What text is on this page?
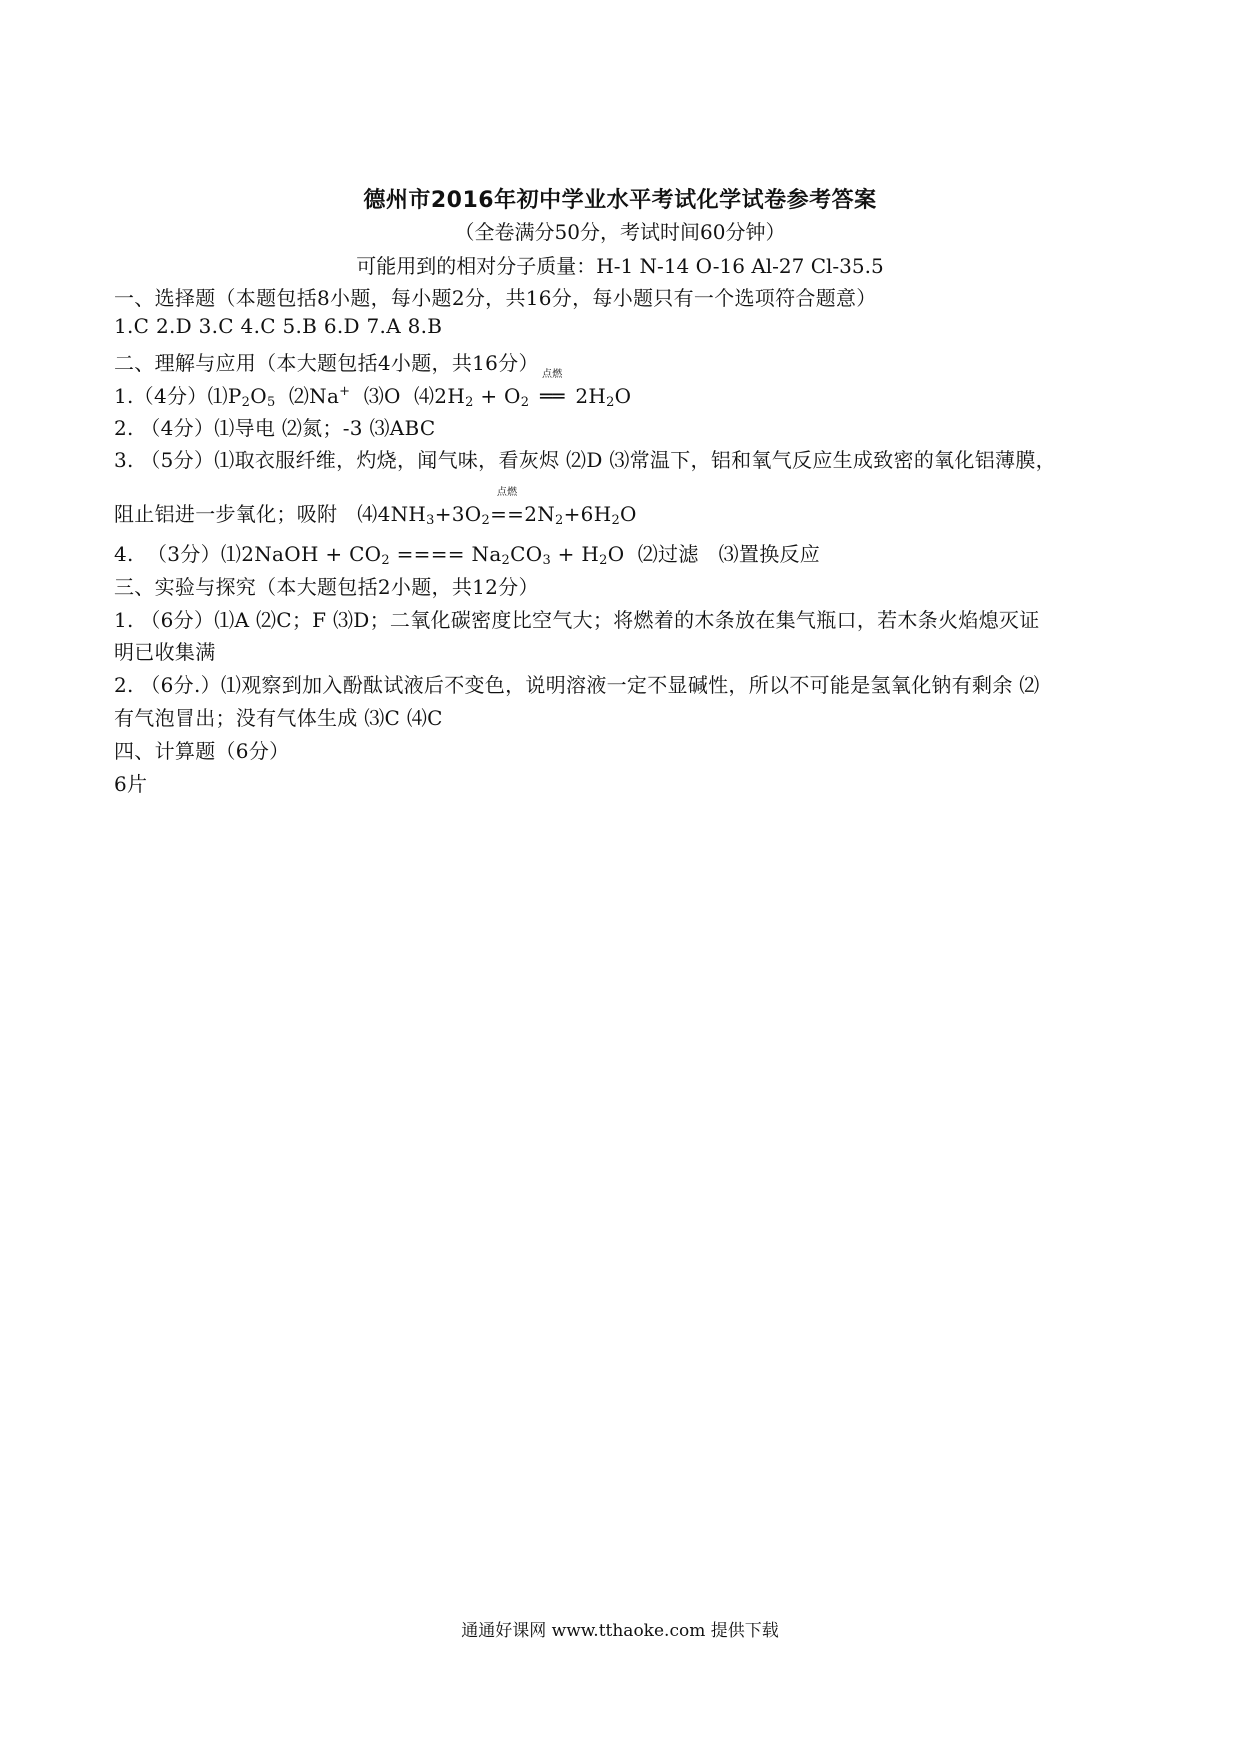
德州市2016年初中学业水平考试化学试卷参考答案
（全卷满分50分，考试时间60分钟）
可能用到的相对分子质量：H-1 N-14 O-16 Al-27 Cl-35.5
一、选择题（本题包括8小题，每小题2分，共16分，每小题只有一个选项符合题意）
1.C 2.D 3.C 4.C 5.B 6.D 7.A 8.B
二、理解与应用（本大题包括4小题，共16分）
1.（4分）$⑴P_2O_5$  ⑵Na+  ⑶O  $⑷2H_2 + O_2$
点燃
══ $2H_2O$
2. （4分）⑴导电 ⑵氮；-3 ⑶ABC
3. （5分）⑴取衣服纤维，灼烧，闻气味，看灰烬 ⑵D ⑶常温下，铝和氧气反应生成致密的氧化铝薄膜，
阻止铝进一步氧化；吸附   $⑷4NH_3+3O_2$
点燃
$==2N_2+6H_2O$
4.  （3分）⑴2NaOH + $CO_2$ ==== $Na_2CO_3 + H_2O$  ⑵过滤   ⑶置换反应
三、实验与探究（本大题包括2小题，共12分）
1. （6分）⑴A ⑵C；F ⑶D；二氧化碳密度比空气大；将燃着的木条放在集气瓶口，若木条火焰熄灭证
明已收集满
2. （6分.）⑴观察到加入酚酞试液后不变色，说明溶液一定不显碱性，所以不可能是氢氧化钠有剩余 ⑵
有气泡冒出；没有气体生成 ⑶C ⑷C
四、计算题（6分）
6片
通通好课网 www.tthaoke.com 提供下载
